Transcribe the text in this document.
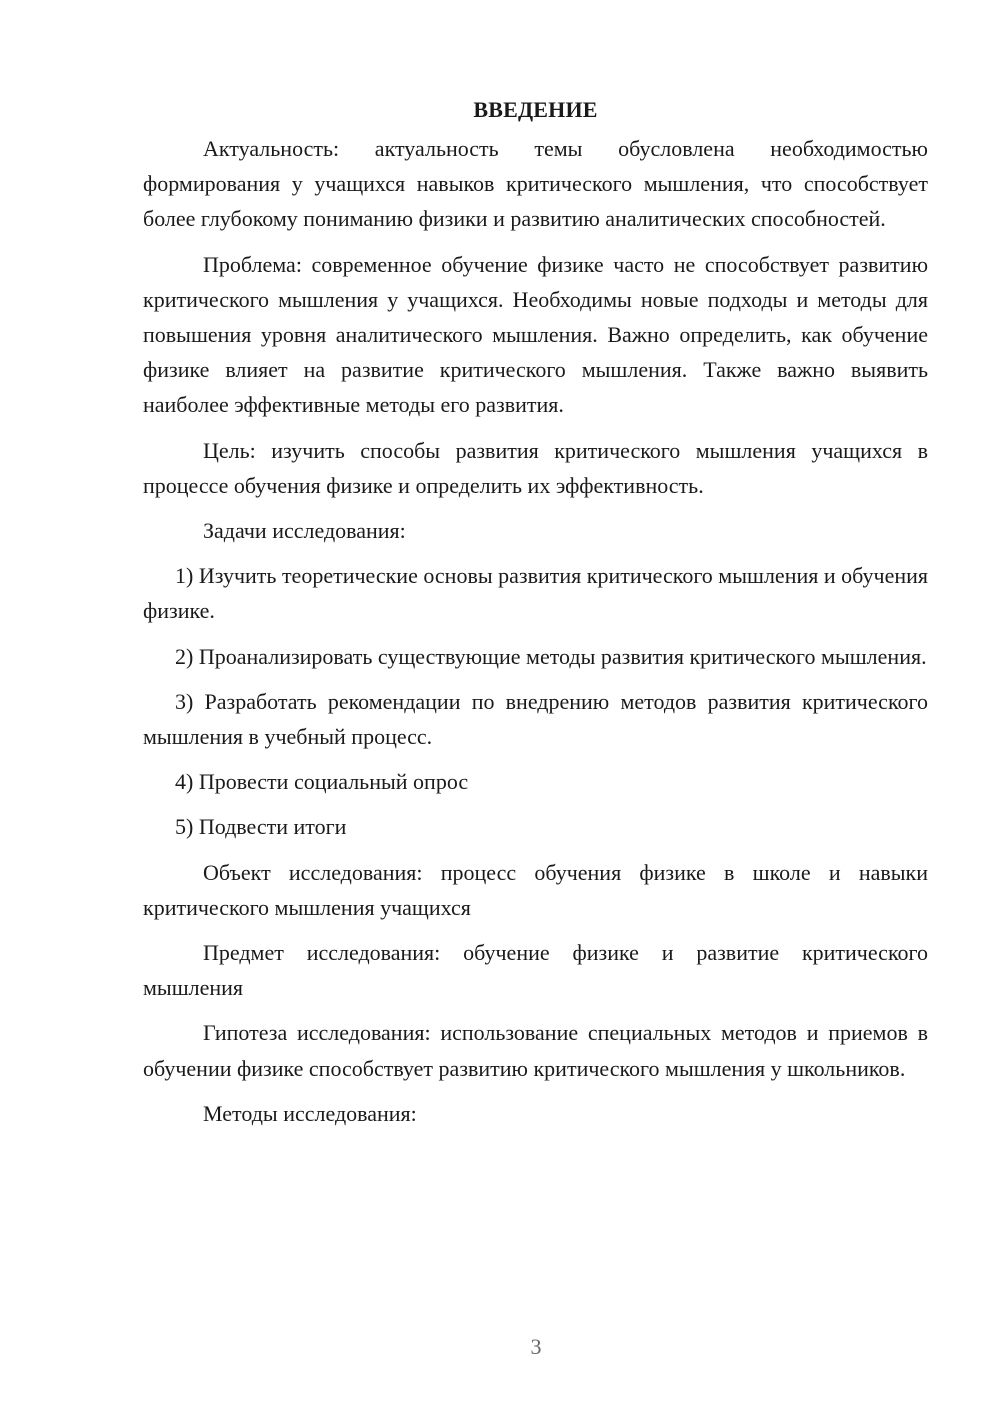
ВВЕДЕНИЕ

Актуальность: актуальность темы обусловлена необходимостью формирования у учащихся навыков критического мышления, что способствует более глубокому пониманию физики и развитию аналитических способностей.

Проблема: современное обучение физике часто не способствует развитию критического мышления у учащихся. Необходимы новые подходы и методы для повышения уровня аналитического мышления. Важно определить, как обучение физике влияет на развитие критического мышления. Также важно выявить наиболее эффективные методы его развития.

Цель: изучить способы развития критического мышления учащихся в процессе обучения физике и определить их эффективность.

Задачи исследования:

1) Изучить теоретические основы развития критического мышления и обучения физике.

2) Проанализировать существующие методы развития критического мышления.

3) Разработать рекомендации по внедрению методов развития критического мышления в учебный процесс.

4) Провести социальный опрос

5) Подвести итоги

Объект исследования: процесс обучения физике в школе и навыки критического мышления учащихся

Предмет исследования: обучение физике и развитие критического мышления

Гипотеза исследования: использование специальных методов и приемов в обучении физике способствует развитию критического мышления у школьников.

Методы исследования:

3
